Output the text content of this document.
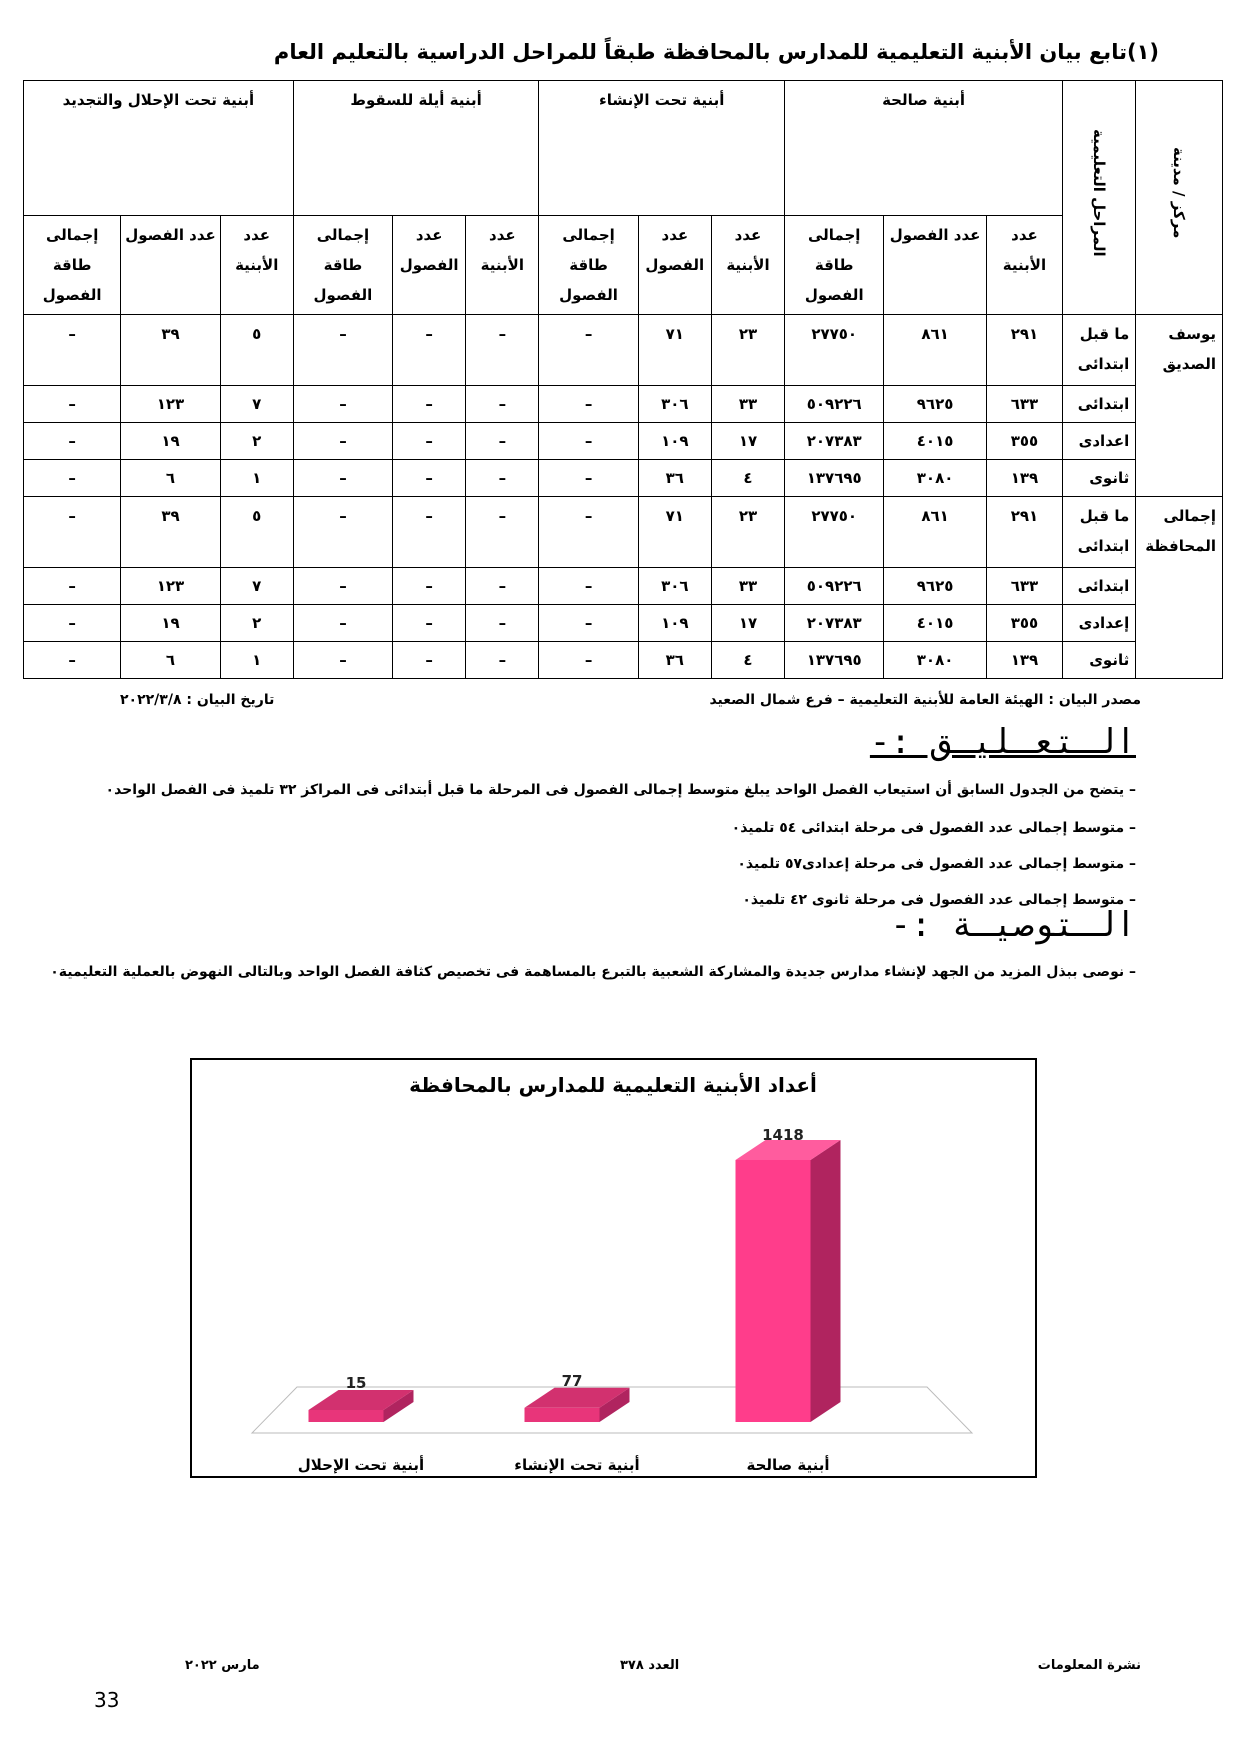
(١)تابع بيان الأبنية التعليمية للمدارس بالمحافظة طبقاً للمراحل الدراسية بالتعليم العام
مركز / مدينة	المراحل التعليمية	أبنية صالحة			أبنية تحت الإنشاء			أبنية أيلة للسقوط			أبنية تحت الإحلال والتجديد		
		عدد الأبنية	عدد الفصول	إجمالى طاقة الفصول	عدد الأبنية	عدد الفصول	إجمالى طاقة الفصول	عدد الأبنية	عدد الفصول	إجمالى طاقة الفصول	عدد الأبنية	عدد الفصول	إجمالى طاقة الفصول
يوسف الصديق	ما قبل ابتدائى	٢٩١	٨٦١	٢٧٧٥٠	٢٣	٧١	–	–	–	–	٥	٣٩	–
	ابتدائى	٦٣٣	٩٦٢٥	٥٠٩٢٢٦	٣٣	٣٠٦	–	–	–	–	٧	١٢٣	–
	اعدادى	٣٥٥	٤٠١٥	٢٠٧٣٨٣	١٧	١٠٩	–	–	–	–	٢	١٩	–
	ثانوى	١٣٩	٣٠٨٠	١٣٧٦٩٥	٤	٣٦	–	–	–	–	١	٦	–
إجمالى المحافظة	ما قبل ابتدائى	٢٩١	٨٦١	٢٧٧٥٠	٢٣	٧١	–	–	–	–	٥	٣٩	–
	ابتدائى	٦٣٣	٩٦٢٥	٥٠٩٢٢٦	٣٣	٣٠٦	–	–	–	–	٧	١٢٣	–
	إعدادى	٣٥٥	٤٠١٥	٢٠٧٣٨٣	١٧	١٠٩	–	–	–	–	٢	١٩	–
	ثانوى	١٣٩	٣٠٨٠	١٣٧٦٩٥	٤	٣٦	–	–	–	–	١	٦	–
مصدر البيان : الهيئة العامة للأبنية التعليمية – فرع شمال الصعيد
تاريخ البيان : ٢٠٢٢/٣/٨
الـتعـليـق :-
– يتضح من الجدول السابق أن استيعاب الفصل الواحد يبلغ متوسط إجمالى الفصول فى المرحلة ما قبل أبتدائى فى المراكز ٣٢ تلميذ فى الفصل الواحد٠
– متوسط إجمالى عدد الفصول فى مرحلة ابتدائى ٥٤ تلميذ٠
– متوسط إجمالى عدد الفصول فى مرحلة إعدادى٥٧ تلميذ٠
– متوسط إجمالى عدد الفصول فى مرحلة ثانوى ٤٢ تلميذ٠
الـتوصيـة :-
– نوصى ببذل المزيد من الجهد لإنشاء مدارس جديدة والمشاركة الشعبية بالتبرع بالمساهمة فى تخصيص كثافة الفصل الواحد وبالتالى النهوض بالعملية التعليمية٠
أعداد الأبنية التعليمية للمدارس بالمحافظة
1418
أبنية صالحة
77
أبنية تحت الإنشاء
15
أبنية تحت الإحلال
نشرة المعلومات
العدد ٣٧٨
مارس ٢٠٢٢
33
